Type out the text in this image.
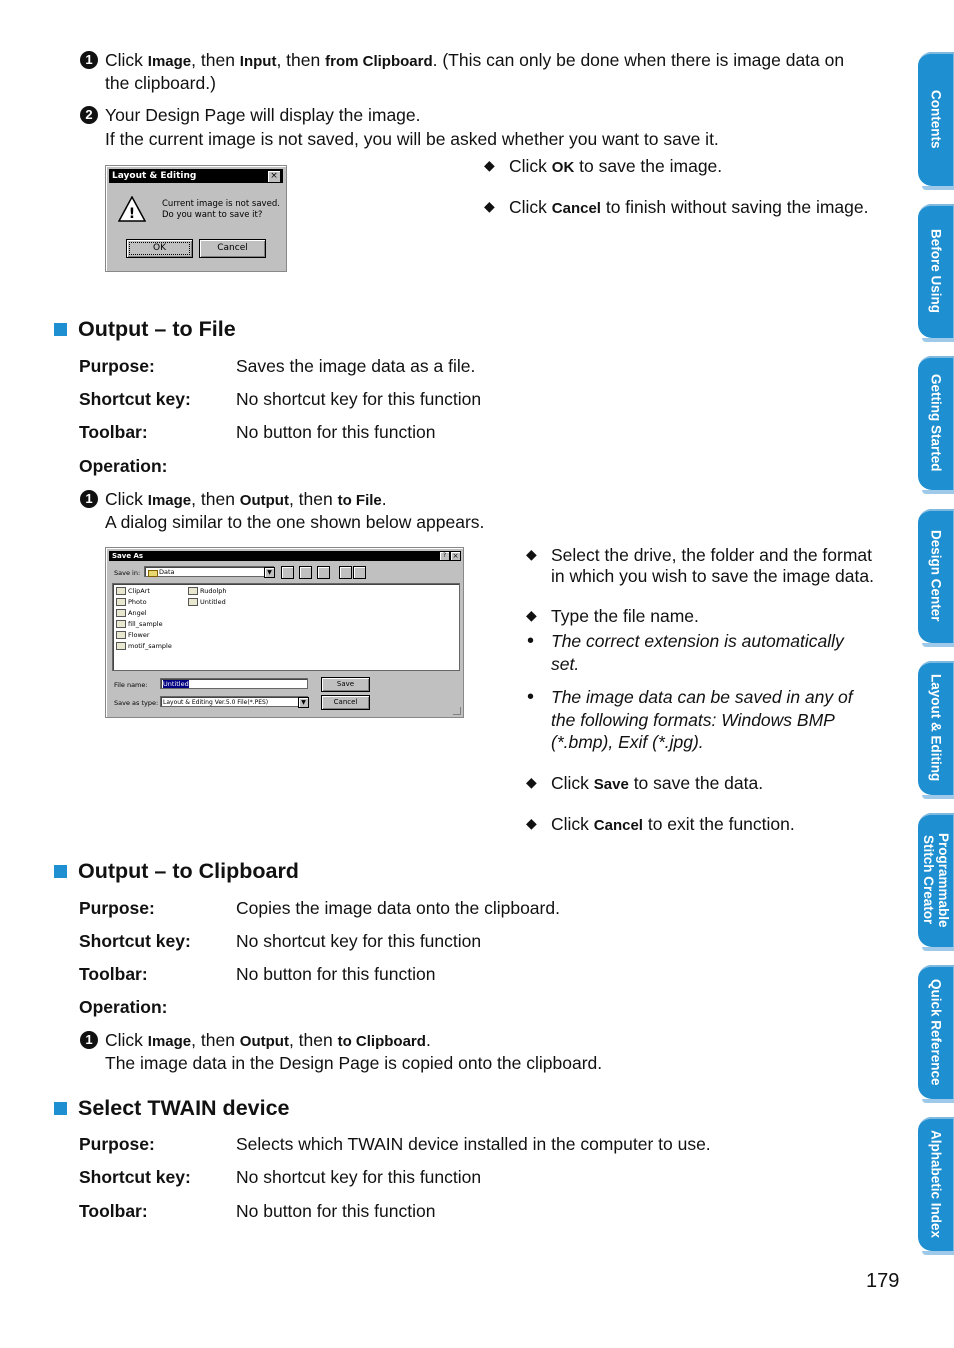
Contents
Before Using
Getting Started
Design Center
Layout & Editing
Programmable Stitch Creator
Quick Reference
Alphabetic Index
1 Click Image, then Input, then from Clipboard. (This can only be done when there is image data on
the clipboard.)
2 Your Design Page will display the image.
If the current image is not saved, you will be asked whether you want to save it.
Layout & Editing	×
!
Current image is not saved.
Do you want to save it?
OK	Cancel
◆ Click OK to save the image.
◆ Click Cancel to finish without saving the image.
Output – to File
Purpose:	Saves the image data as a file.
Shortcut key:	No shortcut key for this function
Toolbar:	No button for this function
Operation:
1 Click Image, then Output, then to File.
A dialog similar to the one shown below appears.
Save As	? ×
Save in:	Data	▼
ClipArt
Photo
Angel
fill_sample
Flower
motif_sample
Rudolph
Untitled
File name:	Untitled
Save as type: Layout & Editing Ver.5.0 File(*.PES)	▼
Save
Cancel
◆ Select the drive, the folder and the format
in which you wish to save the image data.
◆ Type the file name.
• The correct extension is automatically
set.
• The image data can be saved in any of
the following formats: Windows BMP
(*.bmp), Exif (*.jpg).
◆ Click Save to save the data.
◆ Click Cancel to exit the function.
Output – to Clipboard
Purpose:	Copies the image data onto the clipboard.
Shortcut key:	No shortcut key for this function
Toolbar:	No button for this function
Operation:
1 Click Image, then Output, then to Clipboard.
The image data in the Design Page is copied onto the clipboard.
Select TWAIN device
Purpose:	Selects which TWAIN device installed in the computer to use.
Shortcut key:	No shortcut key for this function
Toolbar:	No button for this function
179
